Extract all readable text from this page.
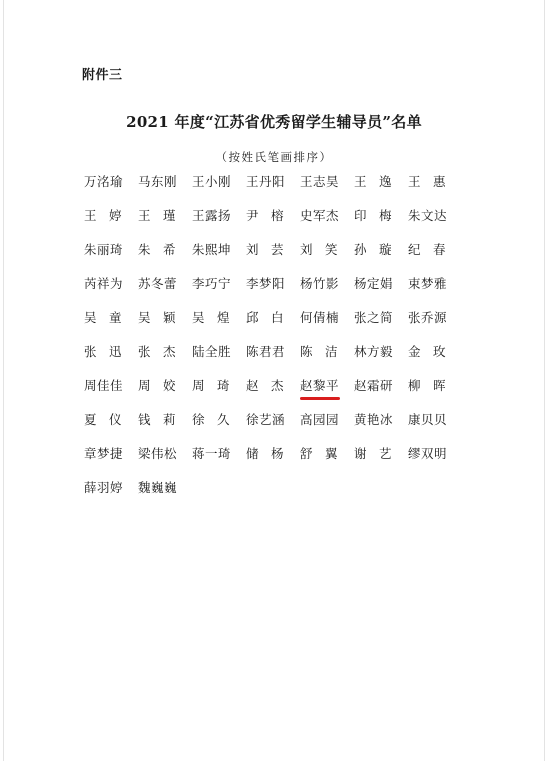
附件三
2021 年度“江苏省优秀留学生辅导员”名单
（按姓氏笔画排序）
万洺瑜	马东刚	王小刚	王丹阳	王志昊	王　逸	王　惠
王　婷	王　瑾	王露扬	尹　榕	史军杰	印　梅	朱文达
朱丽琦	朱　希	朱熙坤	刘　芸	刘　笑	孙　璇	纪　春
芮祥为	苏冬蕾	李巧宁	李梦阳	杨竹影	杨定娟	束梦雅
吴　童	吴　颖	吴　煌	邱　白	何倩楠	张之简	张乔源
张　迅	张　杰	陆全胜	陈君君	陈　洁	林方毅	金　玫
周佳佳	周　姣	周　琦	赵　杰	赵黎平	赵霜研	柳　晖
夏　仪	钱　莉	徐　久	徐艺涵	高园园	黄艳冰	康贝贝
章梦捷	梁伟松	蒋一琦	储　杨	舒　翼	谢　艺	缪双明
薛羽婷	魏巍巍
